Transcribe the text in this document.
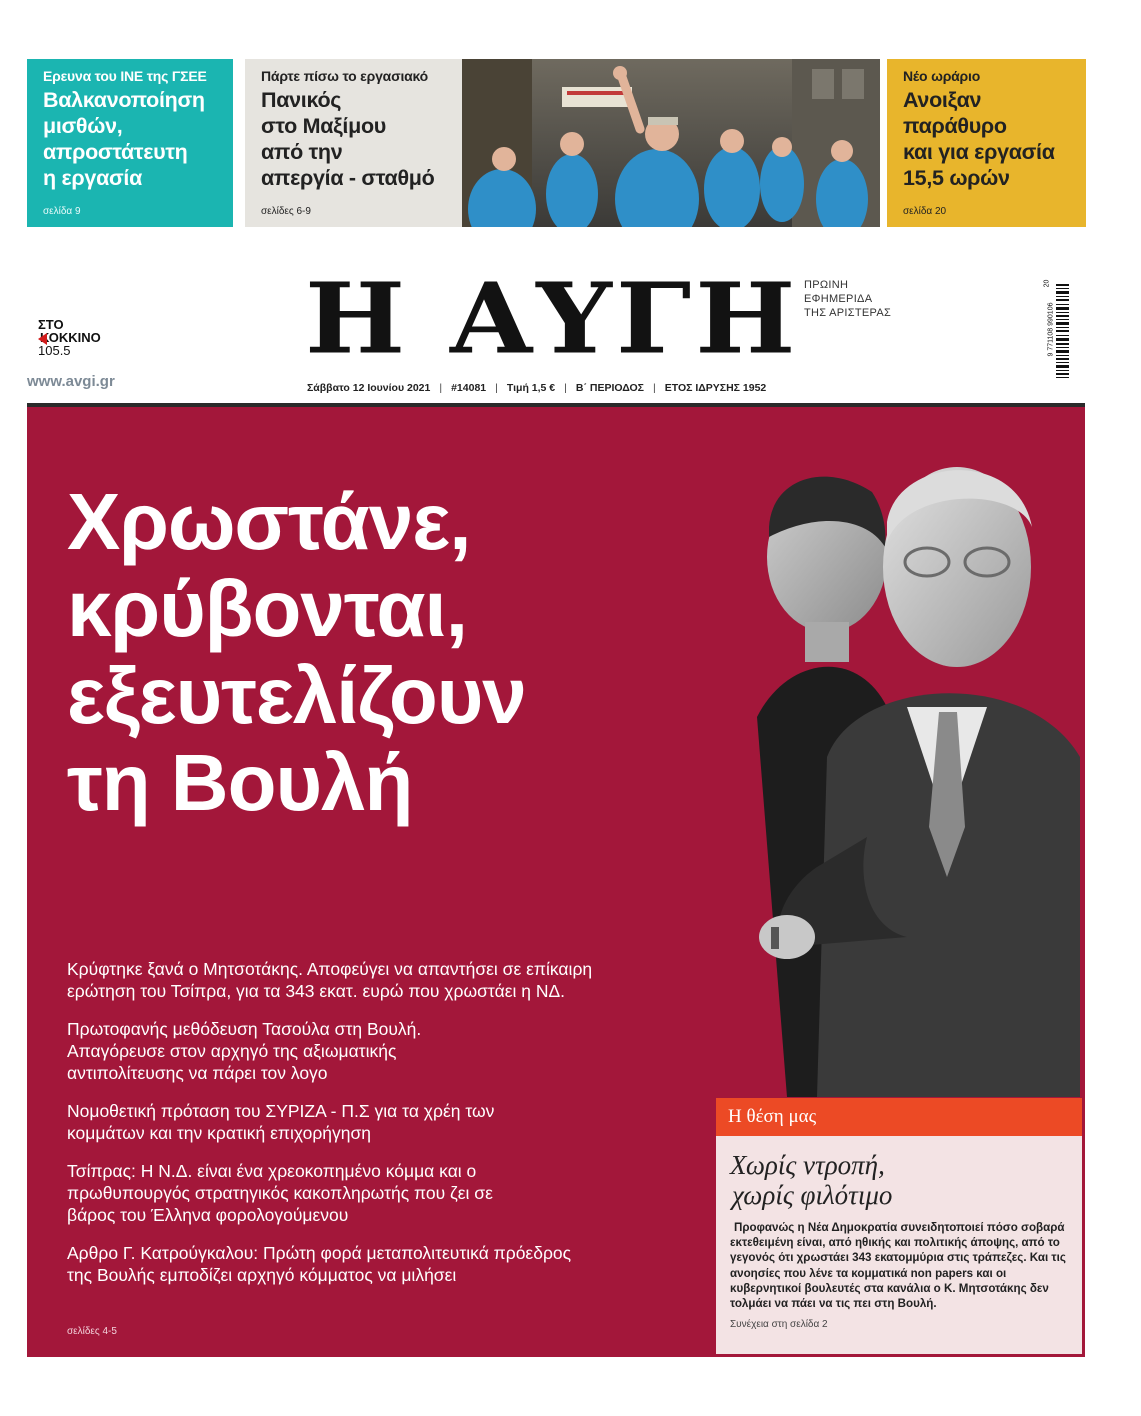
Ερευνα του ΙΝΕ της ΓΣΕΕ
Βαλκανοποίηση
μισθών,
απροστάτευτη
η εργασία
σελίδα 9
Πάρτε πίσω το εργασιακό
Πανικός
στο Μαξίμου
από την
απεργία - σταθμό
σελίδες 6-9
Νέο ωράριο
Ανοιξαν
παράθυρο
και για εργασία
15,5 ωρών
σελίδα 20
ΣΤΟ
ΚΟΚΚΙΝΟ
105.5
www.avgi.gr
Η ΑΥΓΗ ΠΡΩΙΝΗ
ΕΦΗΜΕΡΙΔΑ
ΤΗΣ ΑΡΙΣΤΕΡΑΣ
Σάββατο 12 Ιουνίου 2021 | #14081 | Τιμή 1,5 € | Β΄ ΠΕΡΙΟΔΟΣ | ΕΤΟΣ ΙΔΡΥΣΗΣ 1952
9 771108 990106
20
Χρωστάνε,
κρύβονται,
εξευτελίζουν
τη Βουλή

Κρύφτηκε ξανά ο Μητσοτάκης. Αποφεύγει να απαντήσει σε επίκαιρη ερώτηση του Τσίπρα, για τα 343 εκατ. ευρώ που χρωστάει η ΝΔ.

Πρωτοφανής μεθόδευση Τασούλα στη Βουλή. Απαγόρευσε στον αρχηγό της αξιωματικής αντιπολίτευσης να πάρει τον λογο

Νομοθετική πρόταση του ΣΥΡΙΖΑ - Π.Σ για τα χρέη των κομμάτων και την κρατική επιχορήγηση

Τσίπρας: Η Ν.Δ. είναι ένα χρεοκοπημένο κόμμα και ο πρωθυπουργός στρατηγικός κακοπληρωτής που ζει σε βάρος του Έλληνα φορολογούμενου

Αρθρο Γ. Κατρούγκαλου: Πρώτη φορά μεταπολιτευτικά πρόεδρος της Βουλής εμποδίζει αρχηγό κόμματος να μιλήσει

σελίδες 4-5
Η θέση μας
Χωρίς ντροπή,
χωρίς φιλότιμο
Προφανώς η Νέα Δημοκρατία συνειδητοποιεί πόσο σοβαρά εκτεθειμένη είναι, από ηθικής και πολιτικής άποψης, από το γεγονός ότι χρωστάει 343 εκατομμύρια στις τράπεζες. Και τις ανοησίες που λένε τα κομματικά non papers και οι κυβερνητικοί βουλευτές στα κανάλια ο Κ. Μητσοτάκης δεν τολμάει να πάει να τις πει στη Βουλή.
Συνέχεια στη σελίδα 2
